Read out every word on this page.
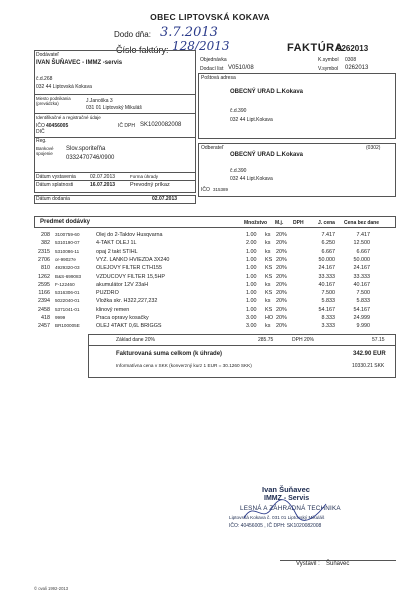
OBEC LIPTOVSKÁ KOKAVA
Dodo dňa: 3.7.2013
Číslo faktúry: 128/2013	FAKTÚRA
0262013
Dodávateľ
IVAN ŠUŇAVEC - IMMZ -servis
č.d.268
032 44 Liptovská Kokava
Miesto podnikania (prevádzka)	J.Janoška 3
031 01 Liptovský Mikuláš
Identifikačné a registračné údaje
IČO 40456005	IČ DPH SK1020082008
DIČ
Reg.
Bankové spojenie
Slov.sporiteľňa
0332470746/0900
Objednávka	K.symbol 0308
Dodací list V0510/08	V.symbol 0262013
Poštová adresa
OBECNÝ URAD L.Kokava
č.d.390
032 44 Lipt.Kokava
Odberateľ	(0302)
OBECNÝ URAD L.Kokava
č.d.390
032 44 Lipt.Kokava
IČO 315389
Dátum vystavenia	02.07.2013	Forma úhrady
Dátum splatnosti	16.07.2013	Prevodný príkaz
Dátum dodania	02.07.2013
Predmet dodávky	Množstvo M.j. DPH	J. cena Cena bez dane
208 3100759-60	Olej do 2-Taktov Husqvarna	1.00 ks 20%	7.417	7.417
382 5310190-07	4-TAKT OLEJ 1L	2.00 ks 20%	6.250	12.500
2315 5310086-11	opaj 2 takt STIHL	1.00 ks 20%	6.667	6.667
2706 or-99027e	VYZ. LANKO HVIEZDA 3X240	1.00 KS 20%	50.000	50.000
810 4929320-03	OLEJOVY FILTER CTH155	1.00 KS 20%	24.167	24.167
1262 B&S-699083	VZDUCOVY FILTER 15,5HP	1.00 KS 20%	33.333	33.333
2595 F-122460	akumulátor 12V 23aH	1.00 ks 20%	40.167	40.167
1166 5316306-01	PUZDRO	1.00 KS 20%	7.500	7.500
2394 5022040-01	Vložka skr. H322,227,232	1.00 ks 20%	5.833	5.833
2458 5371041-01	klinový remen	1.00 KS 20%	54.167	54.167
418 9999	Praca opravy kosačky	3.00 HO 20%	8.333	24.999
2457 BR100005E	OLEJ 4TAKT 0,6L BRIGGS	3.00 ks 20%	3.333	9.990
Základ dane 20%	285.75	DPH 20%	57.15
Fakturovaná suma celkom (k úhrade)	342.90 EUR
Informatívna cena v SKK (konverzný kurz 1 EUR = 30.1260 SKK)	10330.21 SKK
Ivan Šuňavec
IMMZ - Servis
LESNÁ A ZÁHRADNÁ TECHNIKA
Liptovská Kokava č. 031 01 Liptovský Mikuláš
IČO: 40456005 , IČ DPH: SK1020082008
Vystavil : Šuňavec
© ovali 1992-2013
